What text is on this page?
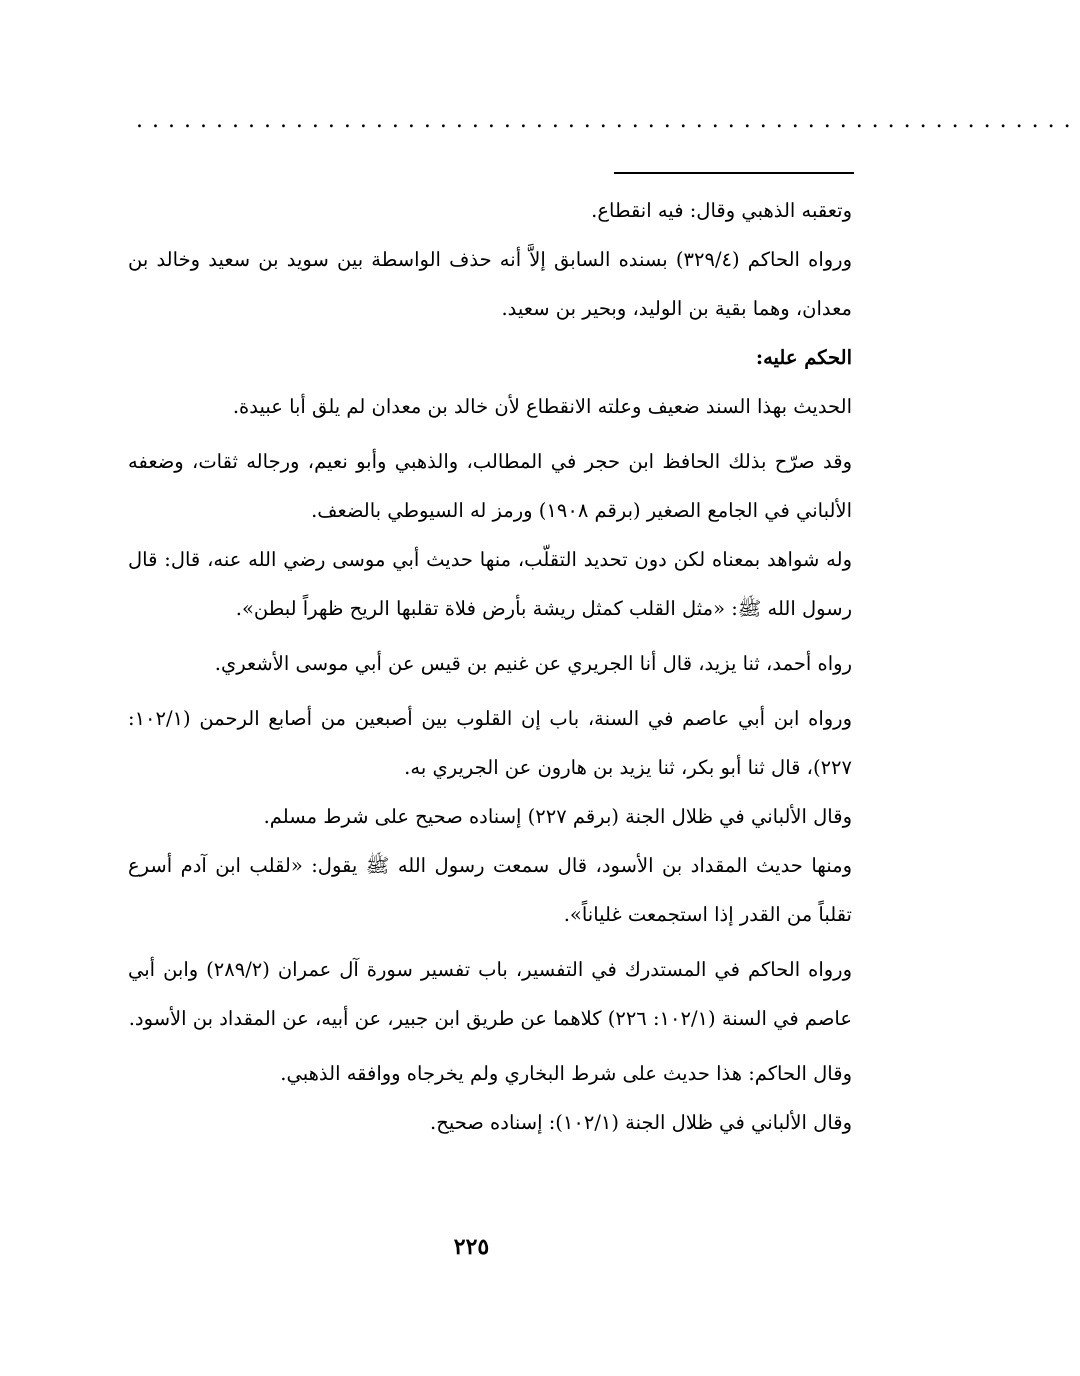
...........................................................

وتعقبه الذهبي وقال: فيه انقطاع.

ورواه الحاكم (٣٢٩/٤) بسنده السابق إلاَّ أنه حذف الواسطة بين سويد بن سعيد وخالد بن معدان، وهما بقية بن الوليد، وبحير بن سعيد.

الحكم عليه:

الحديث بهذا السند ضعيف وعلته الانقطاع لأن خالد بن معدان لم يلق أبا عبيدة.

وقد صرّح بذلك الحافظ ابن حجر في المطالب، والذهبي وأبو نعيم، ورجاله ثقات، وضعفه الألباني في الجامع الصغير (برقم ١٩٠٨) ورمز له السيوطي بالضعف.

وله شواهد بمعناه لكن دون تحديد التقلّب، منها حديث أبي موسى رضي الله عنه، قال: قال رسول الله ﷺ: «مثل القلب كمثل ريشة بأرض فلاة تقلبها الريح ظهراً لبطن».

رواه أحمد، ثنا يزيد، قال أنا الجريري عن غنيم بن قيس عن أبي موسى الأشعري.

ورواه ابن أبي عاصم في السنة، باب إن القلوب بين أصبعين من أصابع الرحمن (١٠٢/١: ٢٢٧)، قال ثنا أبو بكر، ثنا يزيد بن هارون عن الجريري به.

وقال الألباني في ظلال الجنة (برقم ٢٢٧) إسناده صحيح على شرط مسلم.

ومنها حديث المقداد بن الأسود، قال سمعت رسول الله ﷺ يقول: «لقلب ابن آدم أسرع تقلباً من القدر إذا استجمعت غلياناً».

ورواه الحاكم في المستدرك في التفسير، باب تفسير سورة آل عمران (٢٨٩/٢) وابن أبي عاصم في السنة (١٠٢/١: ٢٢٦) كلاهما عن طريق ابن جبير، عن أبيه، عن المقداد بن الأسود.

وقال الحاكم: هذا حديث على شرط البخاري ولم يخرجاه ووافقه الذهبي.

وقال الألباني في ظلال الجنة (١٠٢/١): إسناده صحيح.

٢٢٥
